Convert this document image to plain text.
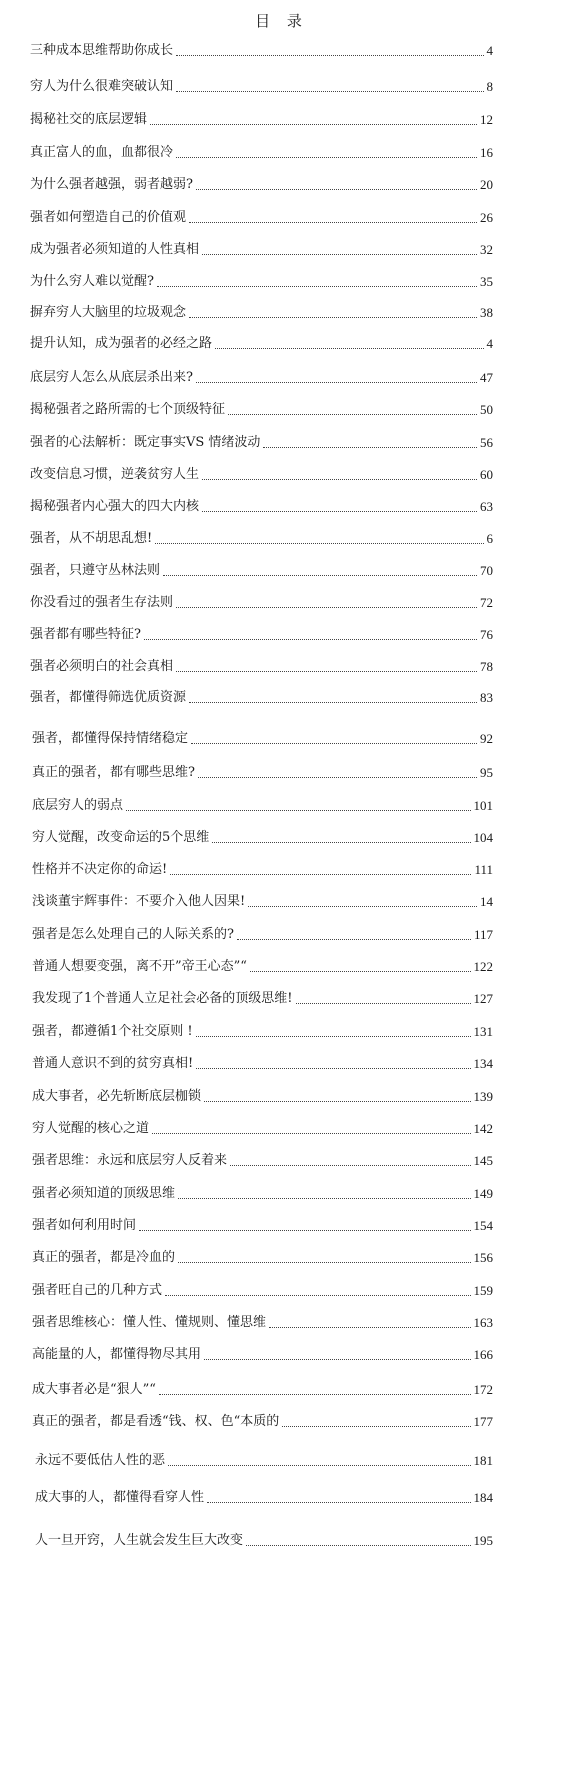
目 录
三种成本思维帮助你成长	4
穷人为什么很难突破认知	8
揭秘社交的底层逻辑	12
真正富人的血，血都很冷	16
为什么强者越强，弱者越弱?	20
强者如何塑造自己的价值观	26
成为强者必须知道的人性真相	32
为什么穷人难以觉醒?	35
摒弃穷人大脑里的垃圾观念	38
提升认知，成为强者的必经之路	4
底层穷人怎么从底层杀出来?	47
揭秘强者之路所需的七个顶级特征	50
强者的心法解析：既定事实VS 情绪波动	56
改变信息习惯，逆袭贫穷人生	60
揭秘强者内心强大的四大内核	63
强者，从不胡思乱想!	6
强者，只遵守丛林法则	70
你没看过的强者生存法则	72
强者都有哪些特征?	76
强者必须明白的社会真相	78
强者，都懂得筛选优质资源	83
强者，都懂得保持情绪稳定	92
真正的强者，都有哪些思维?	95
底层穷人的弱点	101
穷人觉醒，改变命运的5个思维	104
性格并不决定你的命运!	111
浅谈董宇辉事件：不要介入他人因果!	14
强者是怎么处理自己的人际关系的?	117
普通人想要变强，离不开”帝王心态”“	122
我发现了1个普通人立足社会必备的顶级思维!	127
强者，都遵循1个社交原则 !	131
普通人意识不到的贫穷真相!	134
成大事者，必先斩断底层枷锁	139
穷人觉醒的核心之道	142
强者思维：永远和底层穷人反着来	145
强者必须知道的顶级思维	149
强者如何利用时间	154
真正的强者，都是冷血的	156
强者旺自己的几种方式	159
强者思维核心：懂人性、懂规则、懂思维	163
高能量的人，都懂得物尽其用	166
成大事者必是“狠人”“	172
真正的强者，都是看透“钱、权、色“本质的	177
永远不要低估人性的恶	181
成大事的人，都懂得看穿人性	184
人一旦开窍，人生就会发生巨大改变	195
